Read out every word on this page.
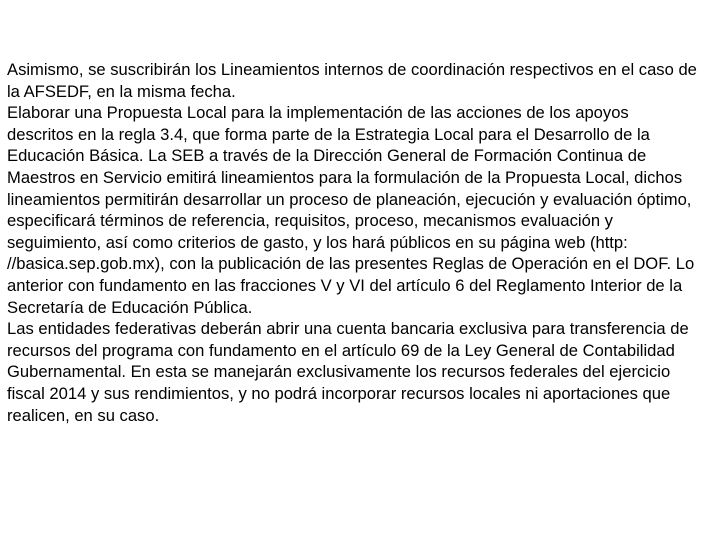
Asimismo, se suscribirán los Lineamientos internos de coordinación respectivos en el caso de la AFSEDF, en la misma fecha.

Elaborar una Propuesta Local para la implementación de las acciones de los apoyos descritos en la regla 3.4, que forma parte de la Estrategia Local para el Desarrollo de la Educación Básica. La SEB a través de la Dirección General de Formación Continua de Maestros en Servicio emitirá lineamientos para la formulación de la Propuesta Local, dichos lineamientos permitirán desarrollar un proceso de planeación, ejecución y evaluación óptimo, especificará términos de referencia, requisitos, proceso, mecanismos evaluación y seguimiento, así como criterios de gasto, y los hará públicos en su página web (http: //basica.sep.gob.mx), con la publicación de las presentes Reglas de Operación en el DOF. Lo anterior con fundamento en las fracciones V y VI del artículo 6 del Reglamento Interior de la Secretaría de Educación Pública.

Las entidades federativas deberán abrir una cuenta bancaria exclusiva para transferencia de recursos del programa con fundamento en el artículo 69 de la Ley General de Contabilidad Gubernamental. En esta se manejarán exclusivamente los recursos federales del ejercicio fiscal 2014 y sus rendimientos, y no podrá incorporar recursos locales ni aportaciones que realicen, en su caso.
